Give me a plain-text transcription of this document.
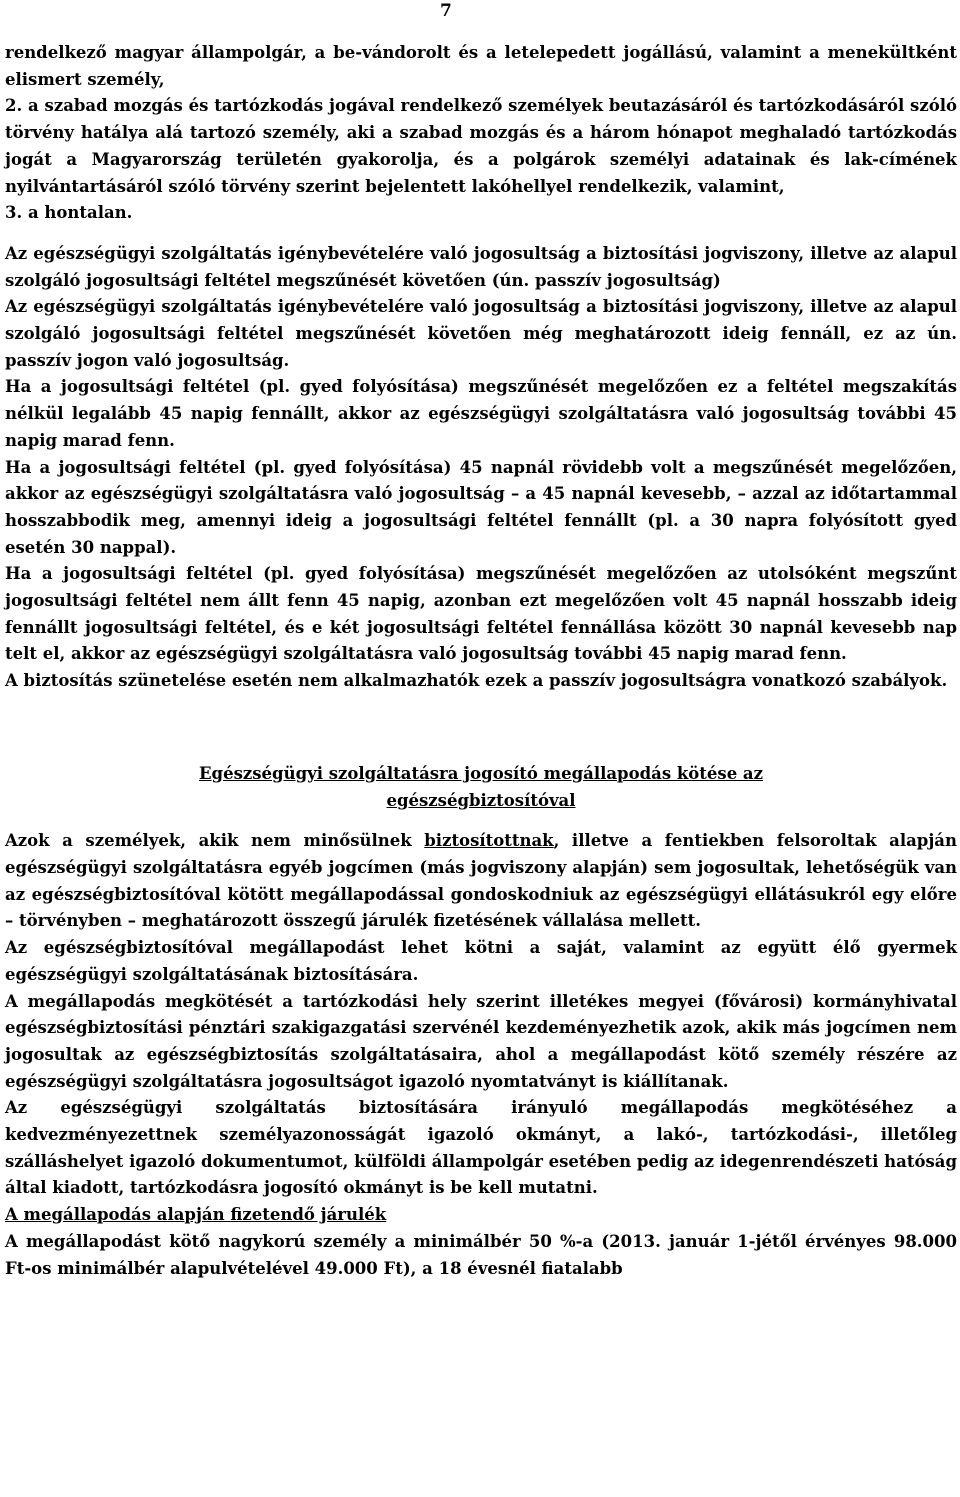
7

rendelkező magyar állampolgár, a be-vándorolt és a letelepedett jogállású, valamint a menekültként elismert személy,

2. a szabad mozgás és tartózkodás jogával rendelkező személyek beutazásáról és tartózkodásáról szóló törvény hatálya alá tartozó személy, aki a szabad mozgás és a három hónapot meghaladó tartózkodás jogát a Magyarország területén gyakorolja, és a polgárok személyi adatainak és lak-címének nyilvántartásáról szóló törvény szerint bejelentett lakóhellyel rendelkezik, valamint,

3. a hontalan.

Az egészségügyi szolgáltatás igénybevételére való jogosultság a biztosítási jogviszony, illetve az alapul szolgáló jogosultsági feltétel megszűnését követően (ún. passzív jogosultság)

Az egészségügyi szolgáltatás igénybevételére való jogosultság a biztosítási jogviszony, illetve az alapul szolgáló jogosultsági feltétel megszűnését követően még meghatározott ideig fennáll, ez az ún. passzív jogon való jogosultság.

Ha a jogosultsági feltétel (pl. gyed folyósítása) megszűnését megelőzően ez a feltétel megszakítás nélkül legalább 45 napig fennállt, akkor az egészségügyi szolgáltatásra való jogosultság további 45 napig marad fenn.

Ha a jogosultsági feltétel (pl. gyed folyósítása) 45 napnál rövidebb volt a megszűnését megelőzően, akkor az egészségügyi szolgáltatásra való jogosultság – a 45 napnál kevesebb, – azzal az időtartammal hosszabbodik meg, amennyi ideig a jogosultsági feltétel fennállt (pl. a 30 napra folyósított gyed esetén 30 nappal).

Ha a jogosultsági feltétel (pl. gyed folyósítása) megszűnését megelőzően az utolsóként megszűnt jogosultsági feltétel nem állt fenn 45 napig, azonban ezt megelőzően volt 45 napnál hosszabb ideig fennállt jogosultsági feltétel, és e két jogosultsági feltétel fennállása között 30 napnál kevesebb nap telt el, akkor az egészségügyi szolgáltatásra való jogosultság további 45 napig marad fenn.

A biztosítás szünetelése esetén nem alkalmazhatók ezek a passzív jogosultságra vonatkozó szabályok.

Egészségügyi szolgáltatásra jogosító megállapodás kötése az
egészségbiztosítóval

Azok a személyek, akik nem minősülnek biztosítottnak, illetve a fentiekben felsoroltak alapján egészségügyi szolgáltatásra egyéb jogcímen (más jogviszony alapján) sem jogosultak, lehetőségük van az egészségbiztosítóval kötött megállapodással gondoskodniuk az egészségügyi ellátásukról egy előre – törvényben – meghatározott összegű járulék fizetésének vállalása mellett.

Az egészségbiztosítóval megállapodást lehet kötni a saját, valamint az együtt élő gyermek egészségügyi szolgáltatásának biztosítására.

A megállapodás megkötését a tartózkodási hely szerint illetékes megyei (fővárosi) kormányhivatal egészségbiztosítási pénztári szakigazgatási szervénél kezdeményezhetik azok, akik más jogcímen nem jogosultak az egészségbiztosítás szolgáltatásaira, ahol a megállapodást kötő személy részére az egészségügyi szolgáltatásra jogosultságot igazoló nyomtatványt is kiállítanak.

Az egészségügyi szolgáltatás biztosítására irányuló megállapodás megkötéséhez a kedvezményezettnek személyazonosságát igazoló okmányt, a lakó-, tartózkodási-, illetőleg szálláshelyet igazoló dokumentumot, külföldi állampolgár esetében pedig az idegenrendészeti hatóság által kiadott, tartózkodásra jogosító okmányt is be kell mutatni.

A megállapodás alapján fizetendő járulék

A megállapodást kötő nagykorú személy a minimálbér 50 %-a (2013. január 1-jétől érvényes 98.000 Ft-os minimálbér alapulvételével 49.000 Ft), a 18 évesnél fiatalabb
